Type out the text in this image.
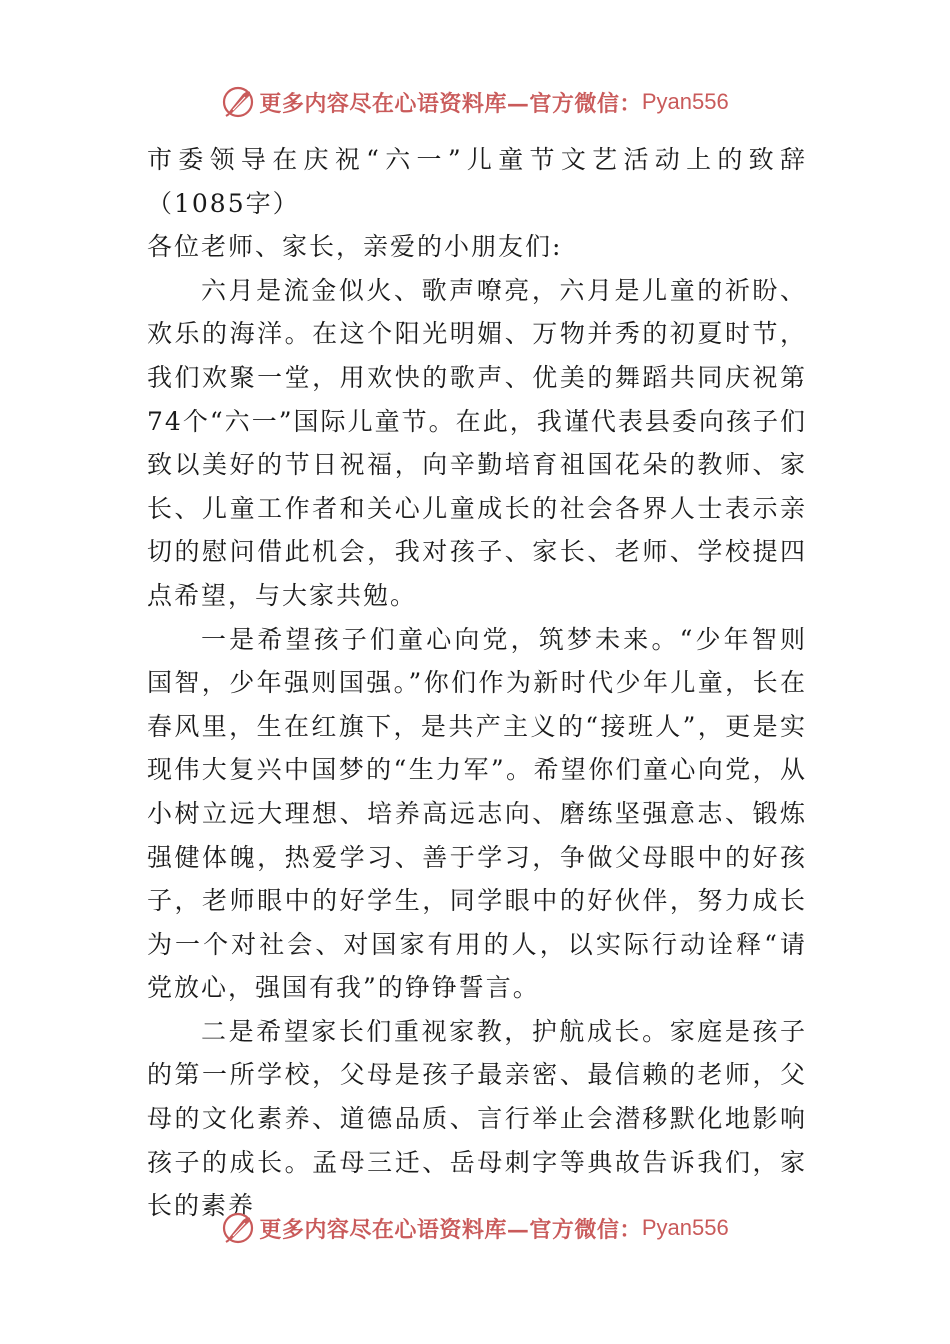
更多内容尽在心语资料库—官方微信： Pyan556

市委领导在庆祝“六一”儿童节文艺活动上的致辞（1085字）

各位老师、家长，亲爱的小朋友们:

六月是流金似火、歌声嘹亮，六月是儿童的祈盼、欢乐的海洋。在这个阳光明媚、万物并秀的初夏时节，我们欢聚一堂，用欢快的歌声、优美的舞蹈共同庆祝第74个“六一”国际儿童节。在此，我谨代表县委向孩子们致以美好的节日祝福，向辛勤培育祖国花朵的教师、家长、儿童工作者和关心儿童成长的社会各界人士表示亲切的慰问借此机会，我对孩子、家长、老师、学校提四点希望，与大家共勉。

一是希望孩子们童心向党，筑梦未来。“少年智则国智，少年强则国强。”你们作为新时代少年儿童，长在春风里，生在红旗下，是共产主义的“接班人”，更是实现伟大复兴中国梦的“生力军”。希望你们童心向党，从小树立远大理想、培养高远志向、磨练坚强意志、锻炼强健体魄，热爱学习、善于学习，争做父母眼中的好孩子，老师眼中的好学生，同学眼中的好伙伴，努力成长为一个对社会、对国家有用的人，以实际行动诠释“请党放心，强国有我”的铮铮誓言。

二是希望家长们重视家教，护航成长。家庭是孩子的第一所学校，父母是孩子最亲密、最信赖的老师，父母的文化素养、道德品质、言行举止会潜移默化地影响孩子的成长。孟母三迁、岳母刺字等典故告诉我们，家长的素养

更多内容尽在心语资料库—官方微信： Pyan556
